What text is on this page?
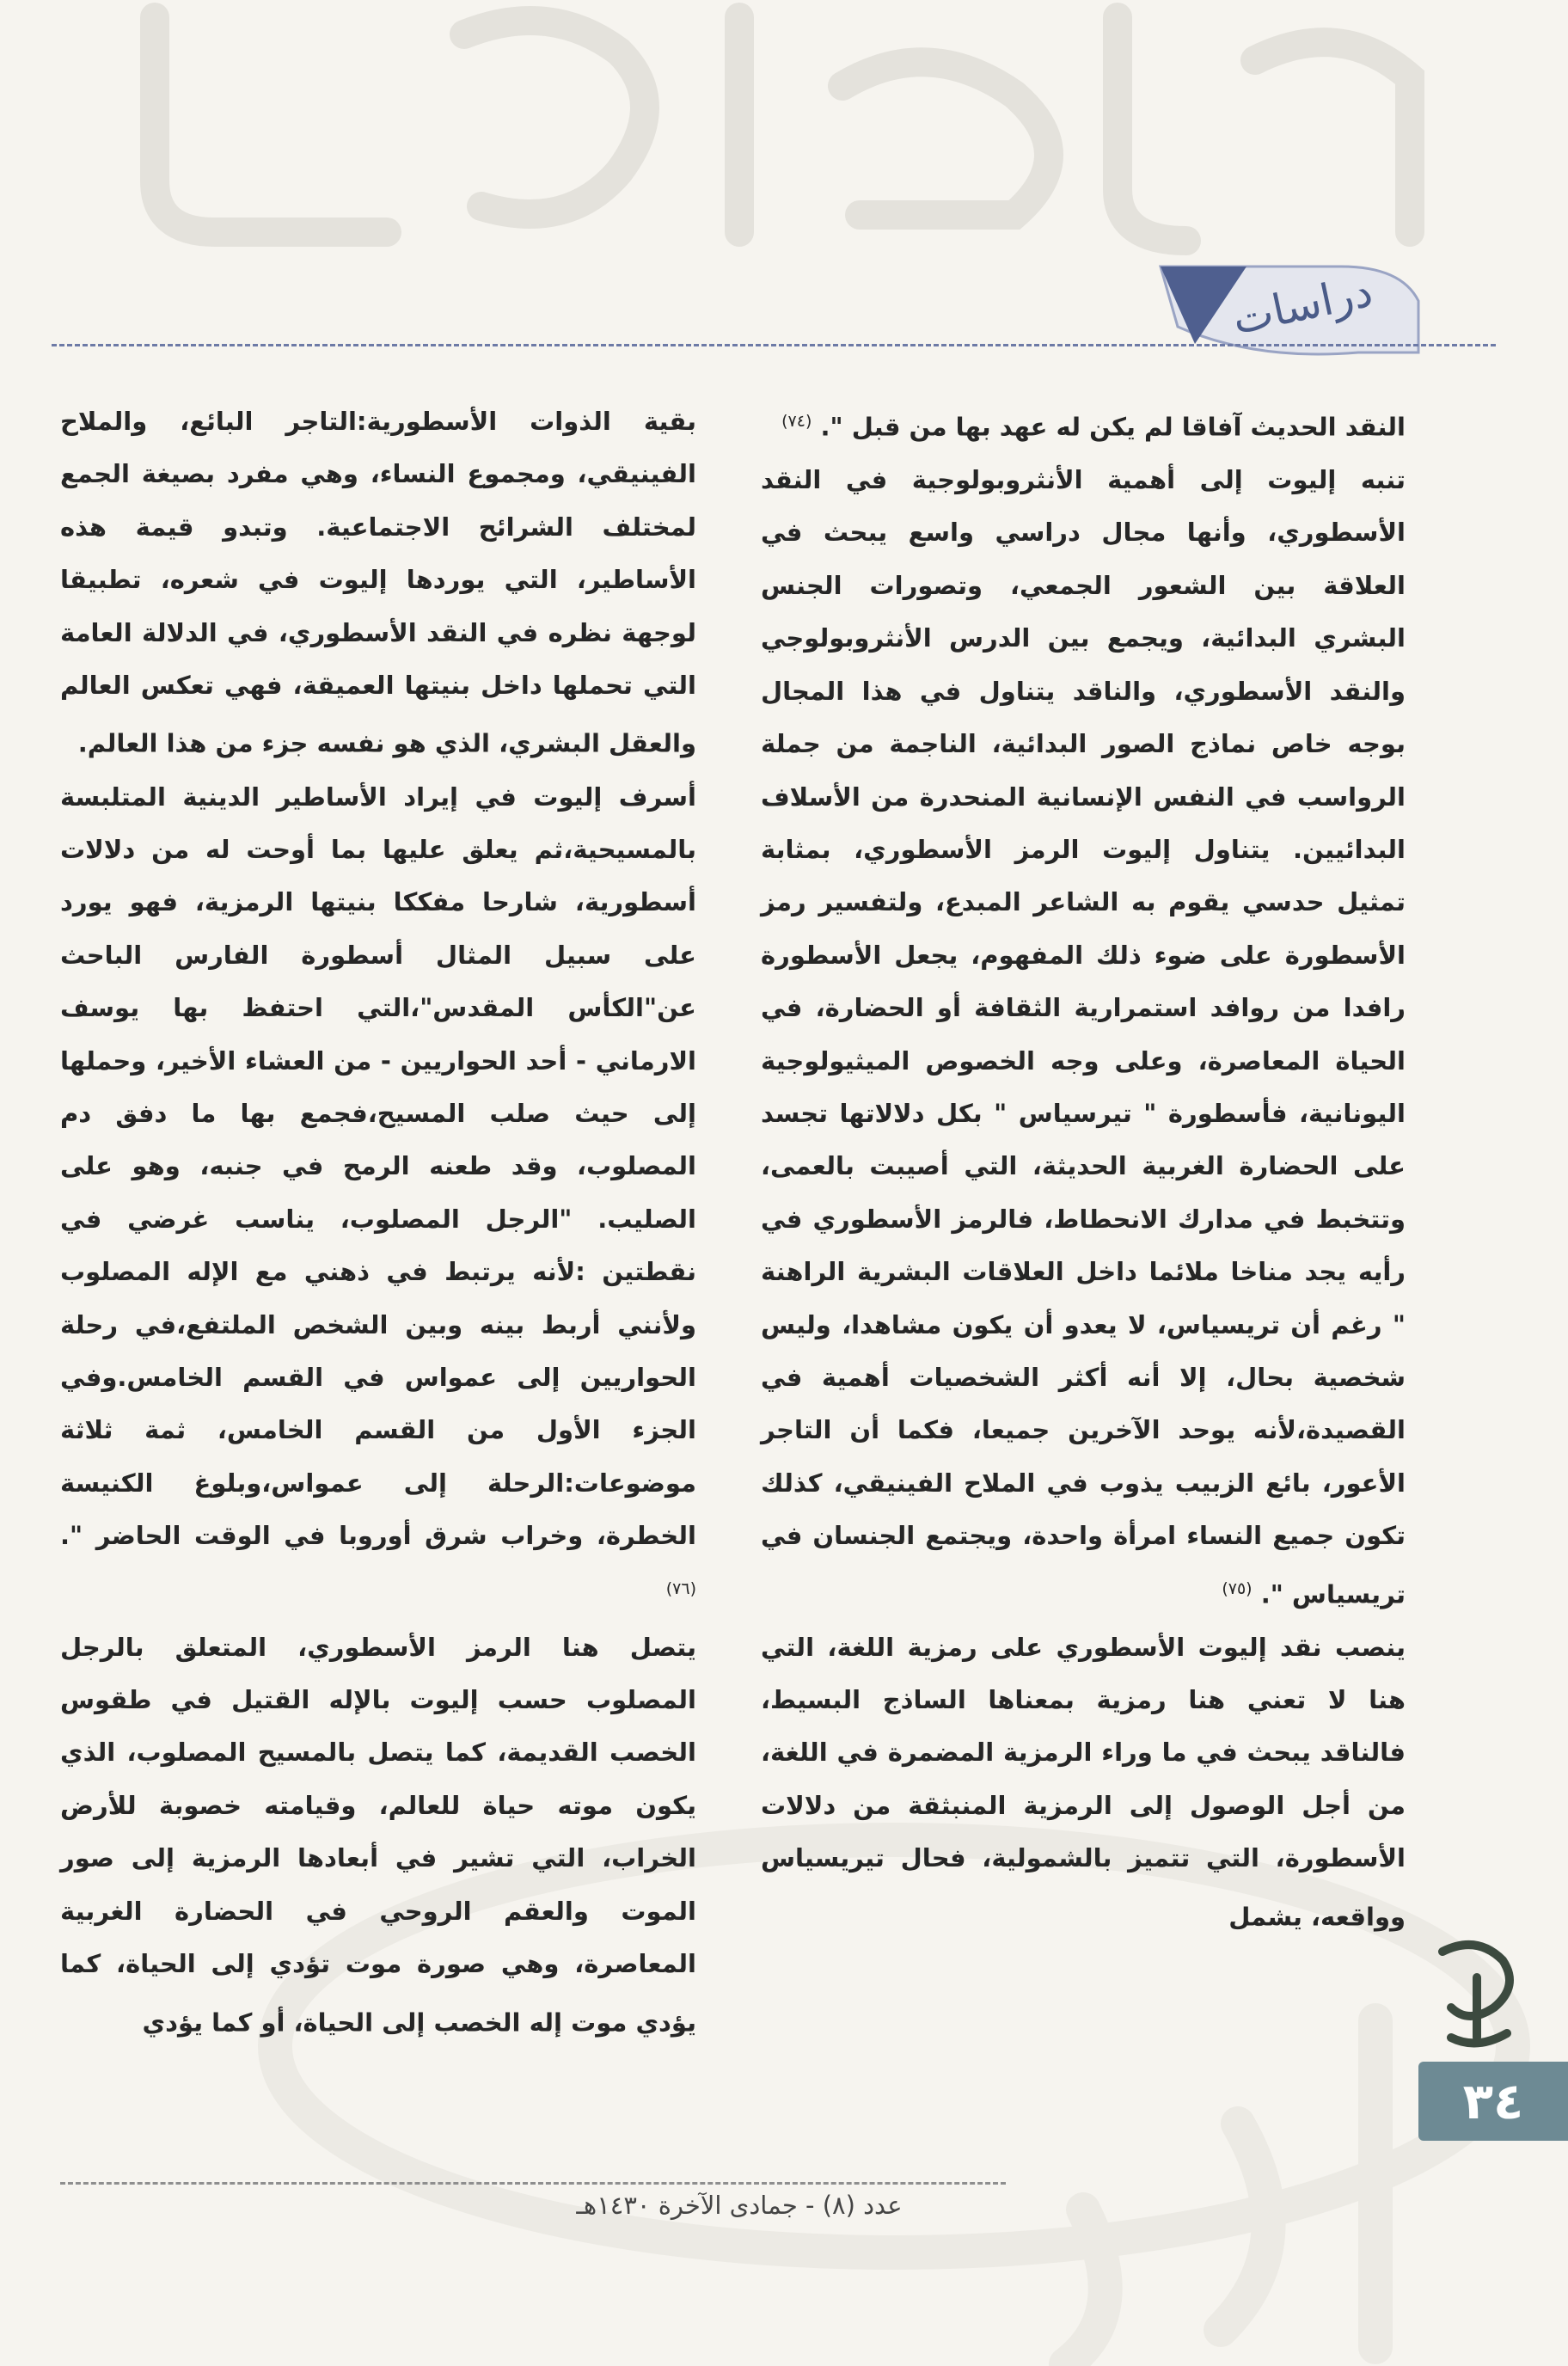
دراسات

النقد الحديث آفاقا لم يكن له عهد بها من قبل ". $^{(٧٤)}$

تنبه إليوت إلى أهمية الأنثروبولوجية في النقد الأسطوري، وأنها مجال دراسي واسع يبحث في العلاقة بين الشعور الجمعي، وتصورات الجنس البشري البدائية، ويجمع بين الدرس الأنثروبولوجي والنقد الأسطوري، والناقد يتناول في هذا المجال بوجه خاص نماذج الصور البدائية، الناجمة من جملة الرواسب في النفس الإنسانية المنحدرة من الأسلاف البدائيين. يتناول إليوت الرمز الأسطوري، بمثابة تمثيل حدسي يقوم به الشاعر المبدع، ولتفسير رمز الأسطورة على ضوء ذلك المفهوم، يجعل الأسطورة رافدا من روافد استمرارية الثقافة أو الحضارة، في الحياة المعاصرة، وعلى وجه الخصوص الميثيولوجية اليونانية، فأسطورة " تيرسياس " بكل دلالاتها تجسد على الحضارة الغربية الحديثة، التي أصيبت بالعمى، وتتخبط في مدارك الانحطاط، فالرمز الأسطوري في رأيه يجد مناخا ملائما داخل العلاقات البشرية الراهنة " رغم أن تريسياس، لا يعدو أن يكون مشاهدا، وليس شخصية بحال، إلا أنه أكثر الشخصيات أهمية في القصيدة،لأنه يوحد الآخرين جميعا، فكما أن التاجر الأعور، بائع الزبيب يذوب في الملاح الفينيقي، كذلك تكون جميع النساء امرأة واحدة، ويجتمع الجنسان في تريسياس ". $^{(٧٥)}$

ينصب نقد إليوت الأسطوري على رمزية اللغة، التي هنا لا تعني هنا رمزية بمعناها الساذج البسيط، فالناقد يبحث في ما وراء الرمزية المضمرة في اللغة، من أجل الوصول إلى الرمزية المنبثقة من دلالات الأسطورة، التي تتميز بالشمولية، فحال تيريسياس وواقعه، يشمل

بقية الذوات الأسطورية:التاجر البائع، والملاح الفينيقي، ومجموع النساء، وهي مفرد بصيغة الجمع لمختلف الشرائح الاجتماعية. وتبدو قيمة هذه الأساطير، التي يوردها إليوت في شعره، تطبيقا لوجهة نظره في النقد الأسطوري، في الدلالة العامة التي تحملها داخل بنيتها العميقة، فهي تعكس العالم والعقل البشري، الذي هو نفسه جزء من هذا العالم.

أسرف إليوت في إيراد الأساطير الدينية المتلبسة بالمسيحية،ثم يعلق عليها بما أوحت له من دلالات أسطورية، شارحا مفككا بنيتها الرمزية، فهو يورد على سبيل المثال أسطورة الفارس الباحث عن"الكأس المقدس"،التي احتفظ بها يوسف الارماني - أحد الحواريين - من العشاء الأخير، وحملها إلى حيث صلب المسيح،فجمع بها ما دفق دم المصلوب، وقد طعنه الرمح في جنبه، وهو على الصليب. "الرجل المصلوب، يناسب غرضي في نقطتين :لأنه يرتبط في ذهني مع الإله المصلوب ولأنني أربط بينه وبين الشخص الملتفع،في رحلة الحواريين إلى عمواس في القسم الخامس.وفي الجزء الأول من القسم الخامس، ثمة ثلاثة موضوعات:الرحلة إلى عمواس،وبلوغ الكنيسة الخطرة، وخراب شرق أوروبا في الوقت الحاضر ". $^{(٧٦)}$

يتصل هنا الرمز الأسطوري، المتعلق بالرجل المصلوب حسب إليوت بالإله القتيل في طقوس الخصب القديمة، كما يتصل بالمسيح المصلوب، الذي يكون موته حياة للعالم، وقيامته خصوبة للأرض الخراب، التي تشير في أبعادها الرمزية إلى صور الموت والعقم الروحي في الحضارة الغربية المعاصرة، وهي صورة موت تؤدي إلى الحياة، كما يؤدي موت إله الخصب إلى الحياة، أو كما يؤدي

حقول
٣٤
عدد (٨) - جمادى الآخرة ١٤٣٠هـ
